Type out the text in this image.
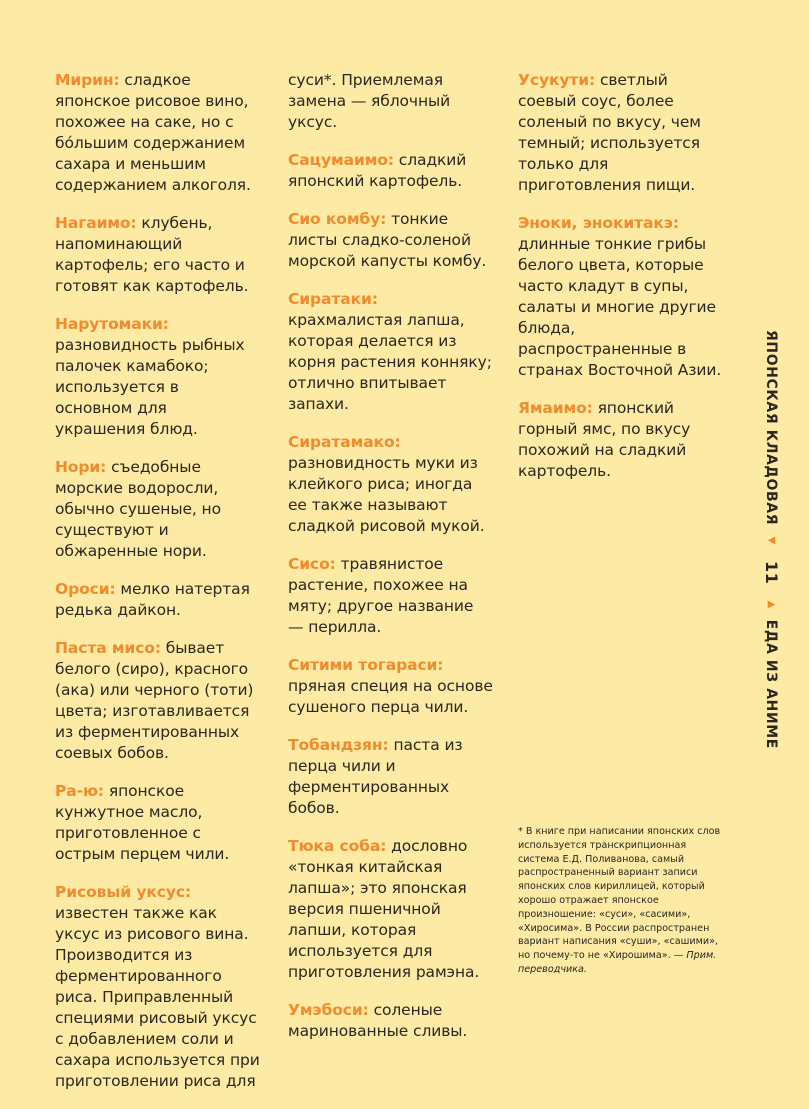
Мирин: сладкое японское рисовое вино, похожее на саке, но с бо́льшим содержанием сахара и меньшим содержанием алкоголя.

Нагаимо: клубень, напоминающий картофель; его часто и готовят как картофель.

Нарутомаки: разновидность рыбных палочек камабоко; используется в основном для украшения блюд.

Нори: съедобные морские водоросли, обычно сушеные, но существуют и обжаренные нори.

Ороси: мелко натертая редька дайкон.

Паста мисо: бывает белого (сиро), красного (ака) или черного (тоти) цвета; изготавливается из ферментированных соевых бобов.

Ра-ю: японское кунжутное масло, приготовленное с острым перцем чили.

Рисовый уксус: известен также как уксус из рисового вина. Производится из ферментированного риса. Приправленный специями рисовый уксус с добавлением соли и сахара используется при приготовлении риса для

суси*. Приемлемая замена — яблочный уксус.

Сацумаимо: сладкий японский картофель.

Сио комбу: тонкие листы сладко-соленой морской капусты комбу.

Сиратаки: крахмалистая лапша, которая делается из корня растения конняку; отлично впитывает запахи.

Сиратамако: разновидность муки из клейкого риса; иногда ее также называют сладкой рисовой мукой.

Сисо: травянистое растение, похожее на мяту; другое название — перилла.

Ситими тогараси: пряная специя на основе сушеного перца чили.

Тобандзян: паста из перца чили и ферментированных бобов.

Тюка соба: дословно «тонкая китайская лапша»; это японская версия пшеничной лапши, которая используется для приготовления рамэна.

Умэбоси: соленые маринованные сливы.

Усукути: светлый соевый соус, более соленый по вкусу, чем темный; используется только для приготовления пищи.

Эноки, энокитакэ: длинные тонкие грибы белого цвета, которые часто кладут в супы, салаты и многие другие блюда, распространенные в странах Восточной Азии.

Ямаимо: японский горный ямс, по вкусу похожий на сладкий картофель.	ЯПОНСКАЯ КЛАДОВАЯ ◀ 11 ▶ ЕДА ИЗ АНИМЕ
* В книге при написании японских слов используется транскрипционная система Е.Д. Поливанова, самый распространенный вариант записи японских слов кириллицей, который хорошо отражает японское произношение: «суси», «сасими», «Хиросима». В России распространен вариант написания «суши», «сашими», но почему-то не «Хирошима». — Прим. переводчика.
